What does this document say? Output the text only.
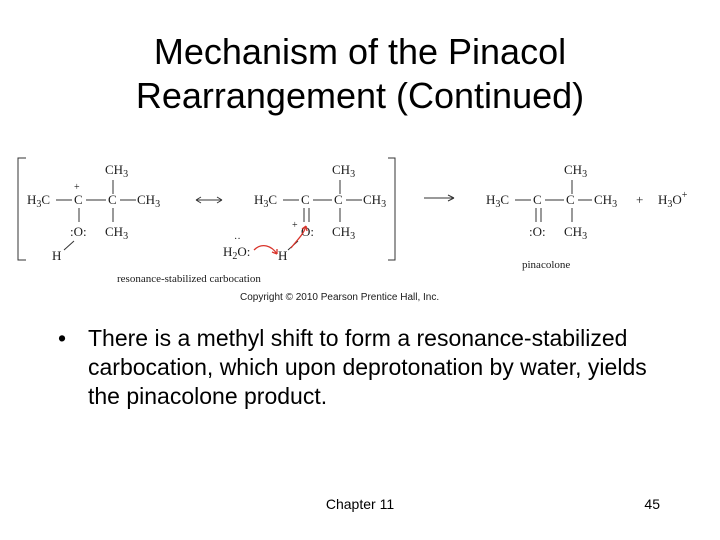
Mechanism of the Pinacol
Rearrangement (Continued)
$CH_3$
$H_3C$
+
C C $CH_3$
:O: $CH_3$
H
$CH_3$
$H_3C$ C C $CH_3$
+ O: $CH_3$
H
$H_2O$:
··
resonance-stabilized carbocation
$CH_3$
$H_3C$ C C $CH_3$
:O: $CH_3$
pinacolone
+ $H_3O^+$
Copyright © 2010 Pearson Prentice Hall, Inc.
• There is a methyl shift to form a resonance-stabilized carbocation, which upon deprotonation by water, yields the pinacolone product.
Chapter 11	45
